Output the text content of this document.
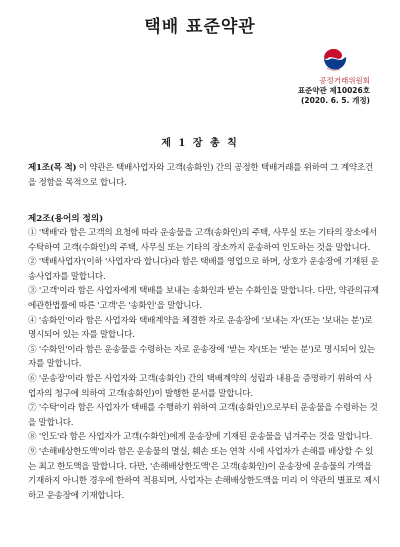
택배 표준약관
공정거래위원회
표준약관 제10026호
(2020. 6. 5. 개정)
제 1 장 총 칙
제1조(목 적) 이 약관은 택배사업자와 고객(송화인) 간의 공정한 택배거래를 위하여 그 계약조건을 정함을 목적으로 합니다.
제2조(용어의 정의)

① '택배'라 함은 고객의 요청에 따라 운송물을 고객(송화인)의 주택, 사무실 또는 기타의 장소에서 수탁하여 고객(수화인)의 주택, 사무실 또는 기타의 장소까지 운송하여 인도하는 것을 말합니다.

② '택배사업자'(이하 '사업자'라 합니다)라 함은 택배를 영업으로 하며, 상호가 운송장에 기재된 운송사업자를 말합니다.

③ '고객'이라 함은 사업자에게 택배를 보내는 송화인과 받는 수화인을 말합니다. 다만, 약관의규제에관한법률에 따른 '고객'은 '송화인'을 말합니다.

④ '송화인'이라 함은 사업자와 택배계약을 체결한 자로 운송장에 '보내는 자'(또는 '보내는 분')로 명시되어 있는 자를 말합니다.

⑤ '수화인'이라 함은 운송물을 수령하는 자로 운송장에 '받는 자'(또는 '받는 분')로 명시되어 있는 자를 말합니다.

⑥ '운송장'이라 함은 사업자와 고객(송화인) 간의 택배계약의 성립과 내용을 증명하기 위하여 사업자의 청구에 의하여 고객(송화인)이 발행한 문서를 말합니다.

⑦ '수탁'이라 함은 사업자가 택배를 수행하기 위하여 고객(송화인)으로부터 운송물을 수령하는 것을 말합니다.

⑧ '인도'라 함은 사업자가 고객(수화인)에게 운송장에 기재된 운송물을 넘겨주는 것을 말합니다.

⑨ '손해배상한도액'이라 함은 운송물의 멸실, 훼손 또는 연착 시에 사업자가 손해를 배상할 수 있는 최고 한도액을 말합니다. 다만, '손해배상한도액'은 고객(송화인)이 운송장에 운송물의 가액을 기재하지 아니한 경우에 한하여 적용되며, 사업자는 손해배상한도액을 미리 이 약관의 별표로 제시하고 운송장에 기재합니다.
